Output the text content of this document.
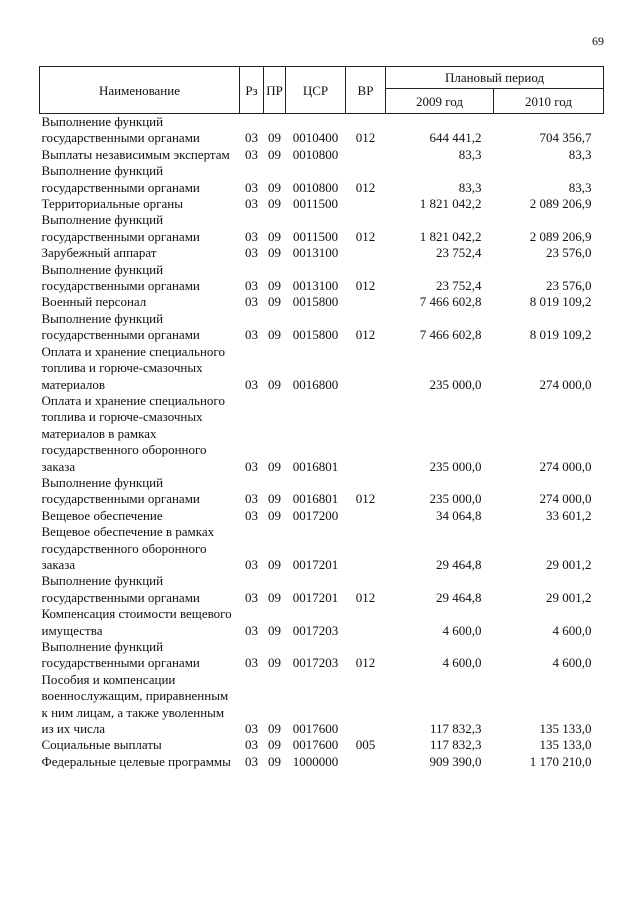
69
Наименование	Рз	ПР	ЦСР	ВР	Плановый период	
					2009 год	2010 год
Выполнение функций государственными органами	03	09	0010400	012	644 441,2	704 356,7
Выплаты независимым экспертам	03	09	0010800		83,3	83,3
Выполнение функций государственными органами	03	09	0010800	012	83,3	83,3
Территориальные органы	03	09	0011500		1 821 042,2	2 089 206,9
Выполнение функций государственными органами	03	09	0011500	012	1 821 042,2	2 089 206,9
Зарубежный аппарат	03	09	0013100		23 752,4	23 576,0
Выполнение функций государственными органами	03	09	0013100	012	23 752,4	23 576,0
Военный персонал	03	09	0015800		7 466 602,8	8 019 109,2
Выполнение функций государственными органами	03	09	0015800	012	7 466 602,8	8 019 109,2
Оплата и хранение специального топлива и горюче-смазочных материалов	03	09	0016800		235 000,0	274 000,0
Оплата и хранение специального топлива и горюче-смазочных материалов в рамках государственного оборонного заказа	03	09	0016801		235 000,0	274 000,0
Выполнение функций государственными органами	03	09	0016801	012	235 000,0	274 000,0
Вещевое обеспечение	03	09	0017200		34 064,8	33 601,2
Вещевое обеспечение в рамках государственного оборонного заказа	03	09	0017201		29 464,8	29 001,2
Выполнение функций государственными органами	03	09	0017201	012	29 464,8	29 001,2
Компенсация стоимости вещевого имущества	03	09	0017203		4 600,0	4 600,0
Выполнение функций государственными органами	03	09	0017203	012	4 600,0	4 600,0
Пособия и компенсации военнослужащим, приравненным к ним лицам, а также уволенным из их числа	03	09	0017600		117 832,3	135 133,0
Социальные выплаты	03	09	0017600	005	117 832,3	135 133,0
Федеральные целевые программы	03	09	1000000		909 390,0	1 170 210,0
